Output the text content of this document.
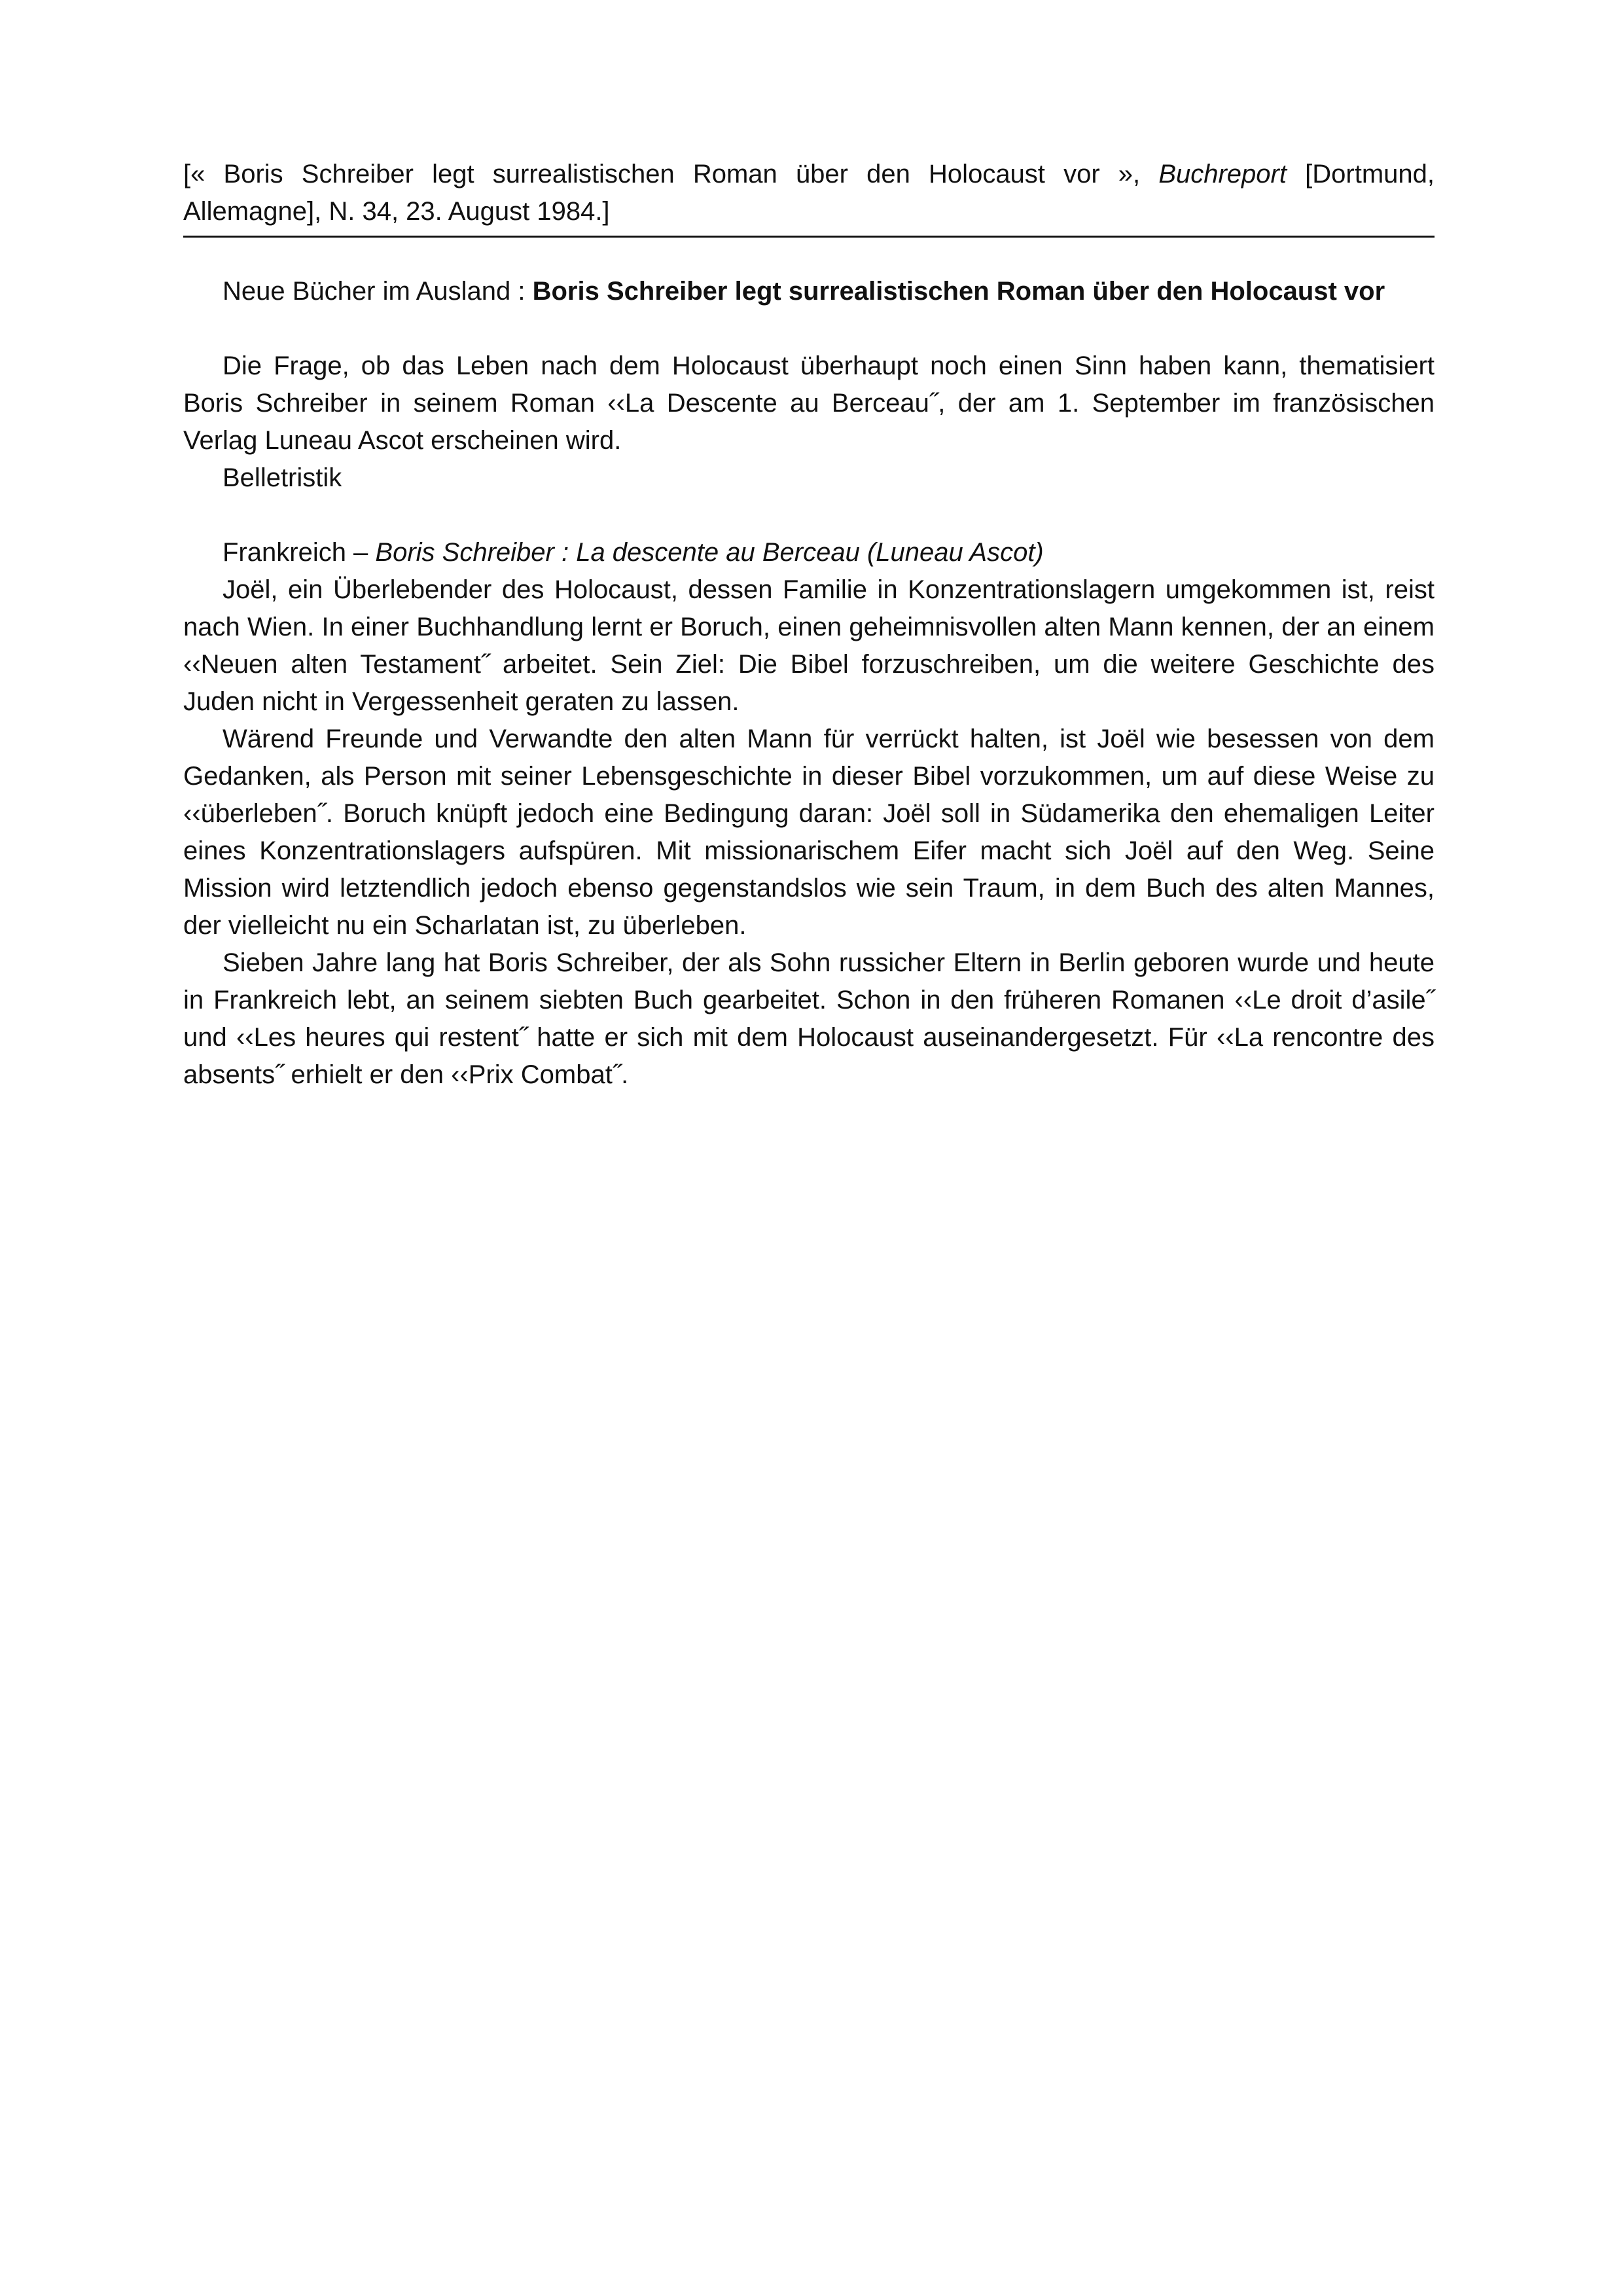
[« Boris Schreiber legt surrealistischen Roman über den Holocaust vor », Buchreport [Dortmund, Allemagne], N. 34, 23. August 1984.]
Neue Bücher im Ausland : Boris Schreiber legt surrealistischen Roman über den Holocaust vor

Die Frage, ob das Leben nach dem Holocaust überhaupt noch einen Sinn haben kann, thematisiert Boris Schreiber in seinem Roman ‹‹La Descente au Berceau˝, der am 1. September im französischen Verlag Luneau Ascot erscheinen wird.

Belletristik

Frankreich – Boris Schreiber : La descente au Berceau (Luneau Ascot)

Joël, ein Überlebender des Holocaust, dessen Familie in Konzentrationslagern umgekommen ist, reist nach Wien. In einer Buchhandlung lernt er Boruch, einen geheimnisvollen alten Mann kennen, der an einem ‹‹Neuen alten Testament˝ arbeitet. Sein Ziel: Die Bibel forzuschreiben, um die weitere Geschichte des Juden nicht in Vergessenheit geraten zu lassen.

Wärend Freunde und Verwandte den alten Mann für verrückt halten, ist Joël wie besessen von dem Gedanken, als Person mit seiner Lebensgeschichte in dieser Bibel vorzukommen, um auf diese Weise zu ‹‹überleben˝. Boruch knüpft jedoch eine Bedingung daran: Joël soll in Südamerika den ehemaligen Leiter eines Konzentrationslagers aufspüren. Mit missionarischem Eifer macht sich Joël auf den Weg. Seine Mission wird letztendlich jedoch ebenso gegenstandslos wie sein Traum, in dem Buch des alten Mannes, der vielleicht nu ein Scharlatan ist, zu überleben.

Sieben Jahre lang hat Boris Schreiber, der als Sohn russicher Eltern in Berlin geboren wurde und heute in Frankreich lebt, an seinem siebten Buch gearbeitet. Schon in den früheren Romanen ‹‹Le droit d’asile˝ und ‹‹Les heures qui restent˝ hatte er sich mit dem Holocaust auseinandergesetzt. Für ‹‹La rencontre des absents˝ erhielt er den ‹‹Prix Combat˝.
